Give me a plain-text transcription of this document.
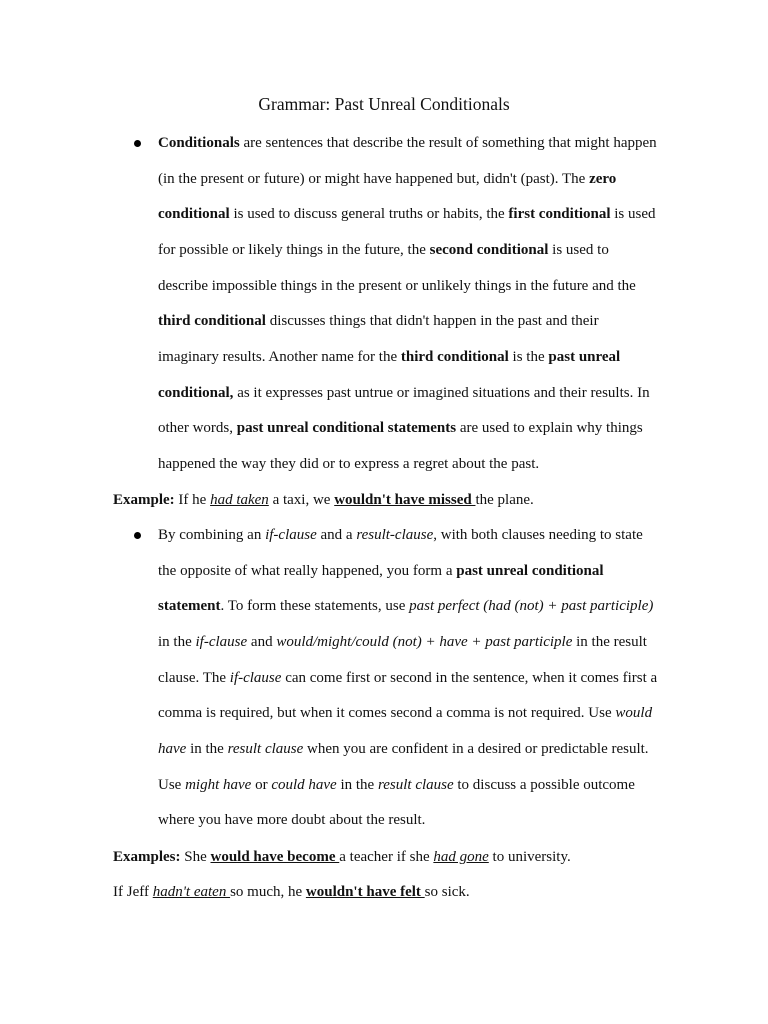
Grammar: Past Unreal Conditionals

Conditionals are sentences that describe the result of something that might happen (in the present or future) or might have happened but, didn't (past). The zero conditional is used to discuss general truths or habits, the first conditional is used for possible or likely things in the future, the second conditional is used to describe impossible things in the present or unlikely things in the future and the third conditional discusses things that didn't happen in the past and their imaginary results. Another name for the third conditional is the past unreal conditional, as it expresses past untrue or imagined situations and their results. In other words, past unreal conditional statements are used to explain why things happened the way they did or to express a regret about the past.

Example: If he had taken a taxi, we wouldn't have missed the plane.

By combining an if-clause and a result-clause, with both clauses needing to state the opposite of what really happened, you form a past unreal conditional statement. To form these statements, use past perfect (had (not) + past participle) in the if-clause and would/might/could (not) + have + past participle in the result clause. The if-clause can come first or second in the sentence, when it comes first a comma is required, but when it comes second a comma is not required. Use would have in the result clause when you are confident in a desired or predictable result. Use might have or could have in the result clause to discuss a possible outcome where you have more doubt about the result.

Examples: She would have become a teacher if she had gone to university.

If Jeff hadn't eaten so much, he wouldn't have felt so sick.
